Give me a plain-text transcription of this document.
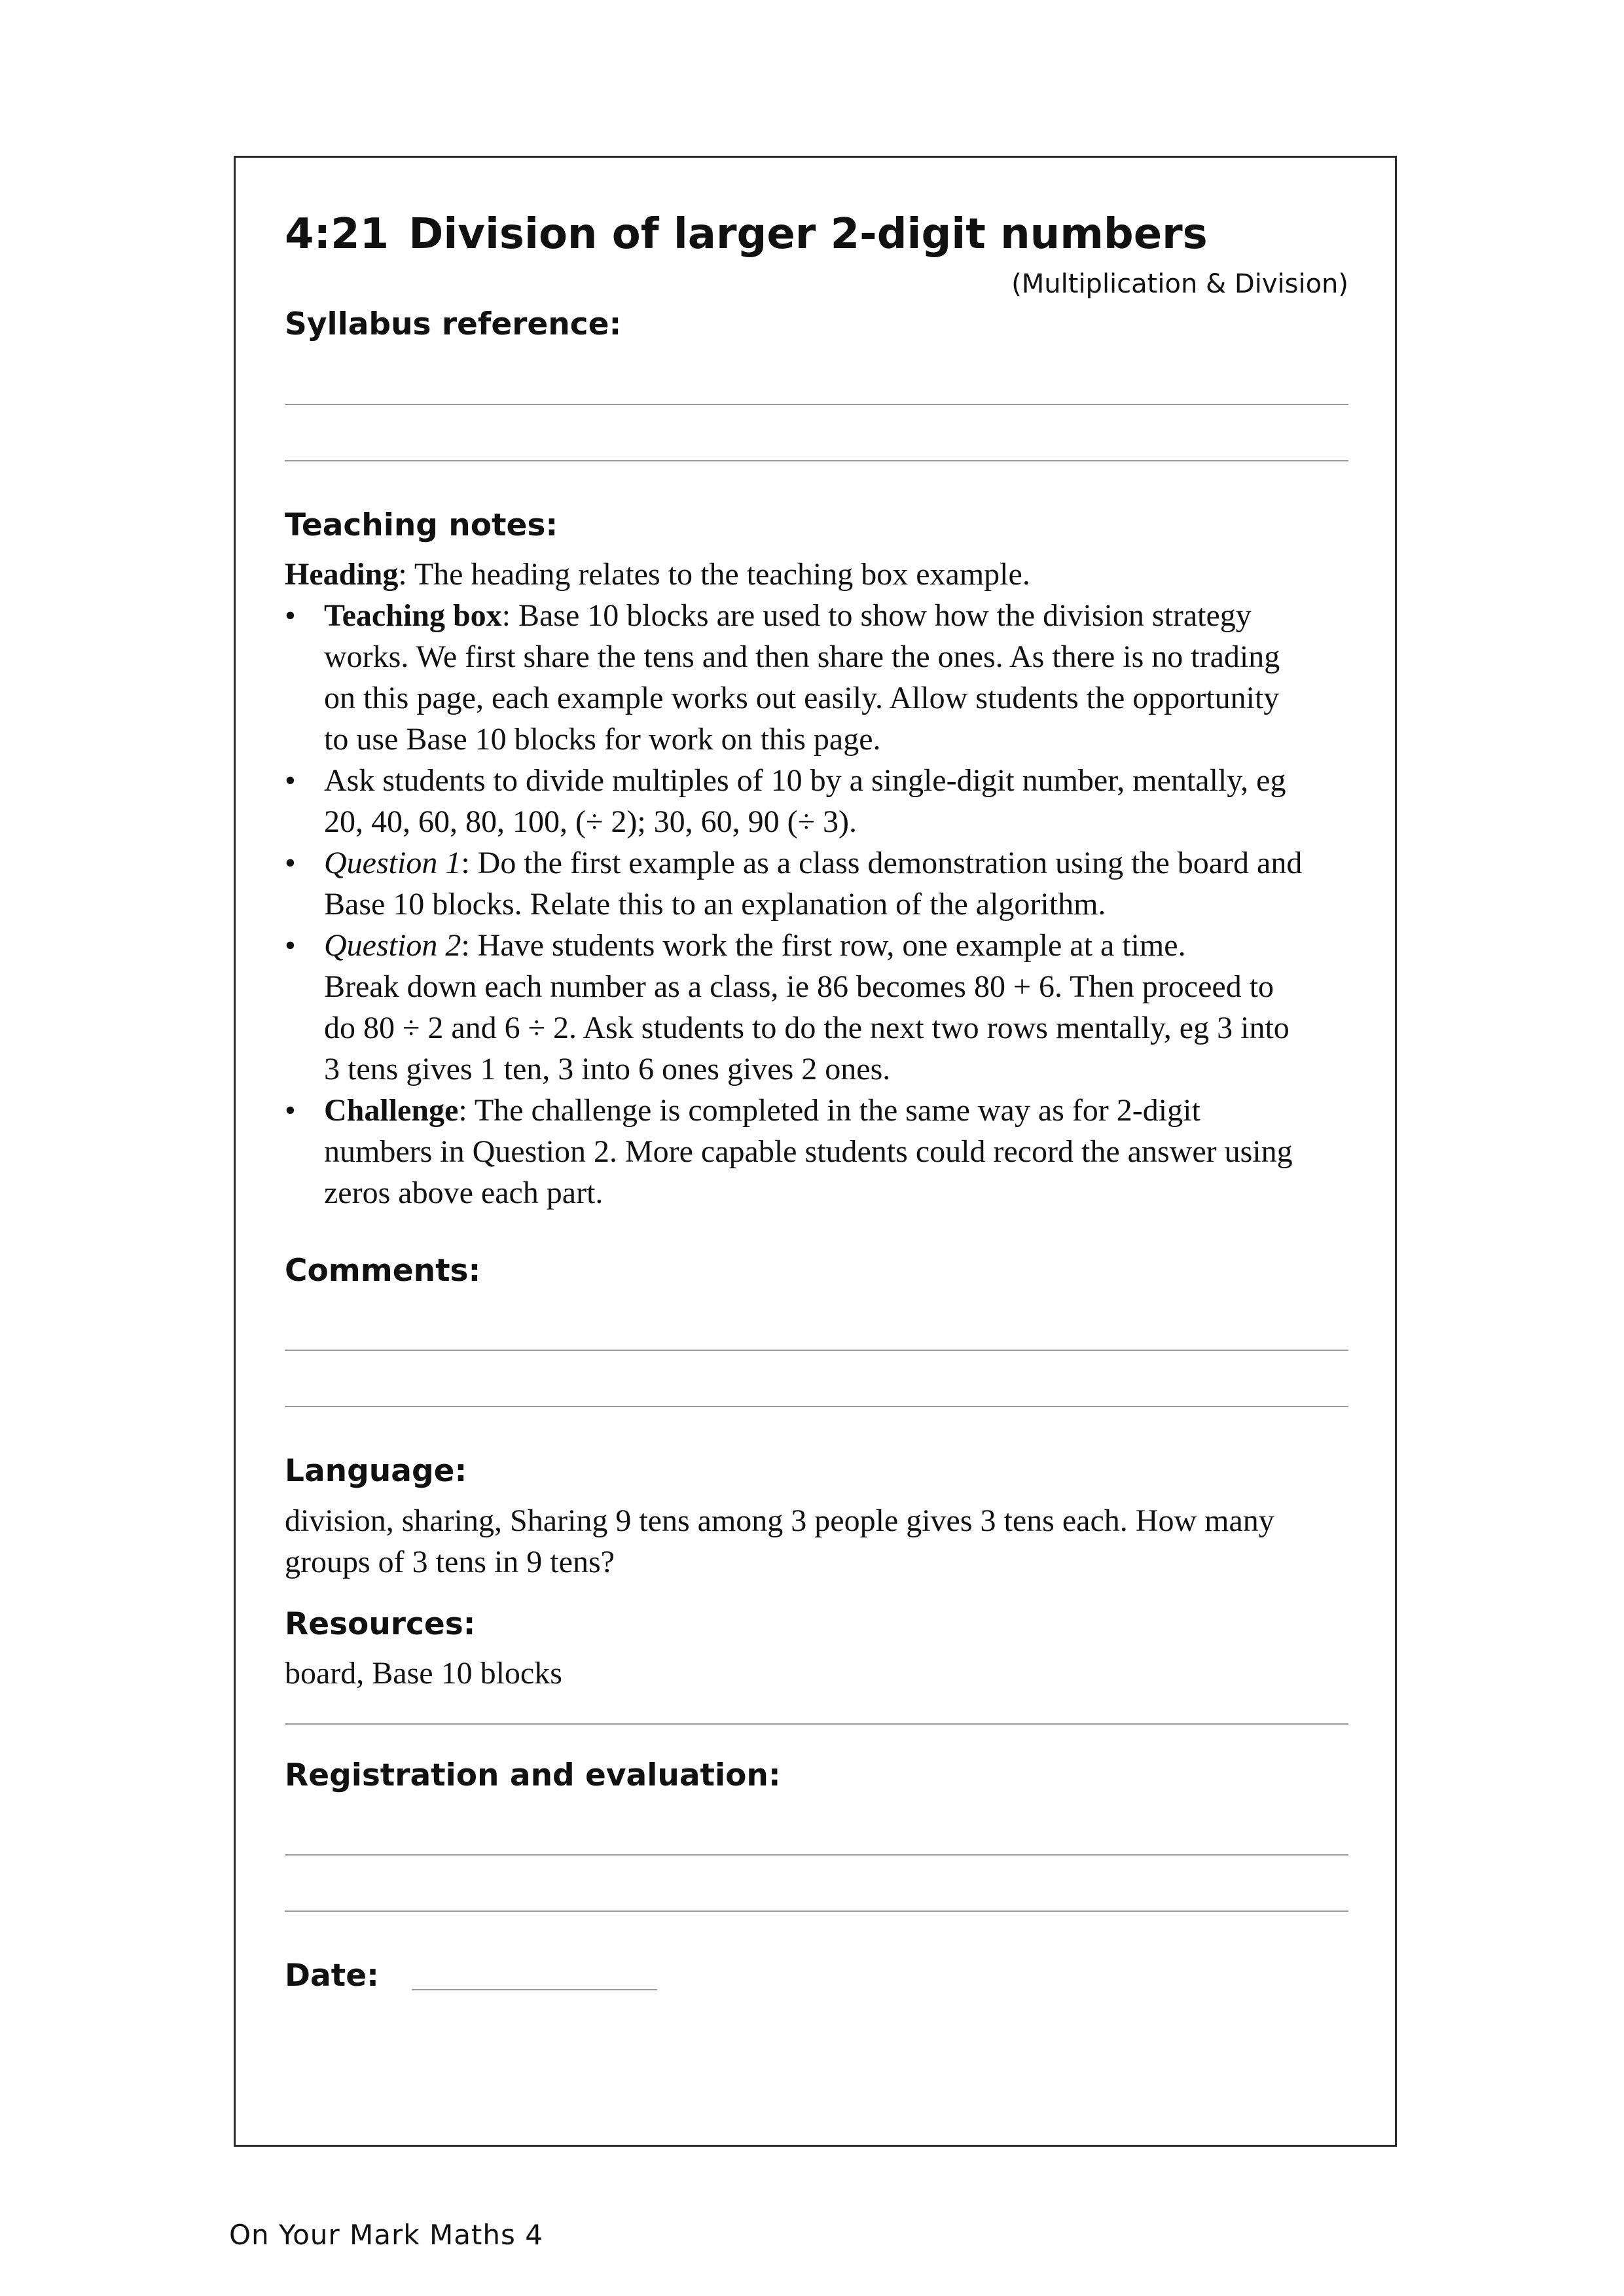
4:21 Division of larger 2-digit numbers
(Multiplication & Division)
Syllabus reference:
Teaching notes:
Heading: The heading relates to the teaching box example.
• Teaching box: Base 10 blocks are used to show how the division strategy
works. We first share the tens and then share the ones. As there is no trading
on this page, each example works out easily. Allow students the opportunity
to use Base 10 blocks for work on this page.
• Ask students to divide multiples of 10 by a single-digit number, mentally, eg
20, 40, 60, 80, 100, (÷ 2); 30, 60, 90 (÷ 3).
• Question 1: Do the first example as a class demonstration using the board and
Base 10 blocks. Relate this to an explanation of the algorithm.
• Question 2: Have students work the first row, one example at a time.
Break down each number as a class, ie 86 becomes 80 + 6. Then proceed to
do 80 ÷ 2 and 6 ÷ 2. Ask students to do the next two rows mentally, eg 3 into
3 tens gives 1 ten, 3 into 6 ones gives 2 ones.
• Challenge: The challenge is completed in the same way as for 2-digit
numbers in Question 2. More capable students could record the answer using
zeros above each part.
Comments:
Language:
division, sharing, Sharing 9 tens among 3 people gives 3 tens each. How many
groups of 3 tens in 9 tens?
Resources:
board, Base 10 blocks
Registration and evaluation:
Date:
On Your Mark Maths 4
